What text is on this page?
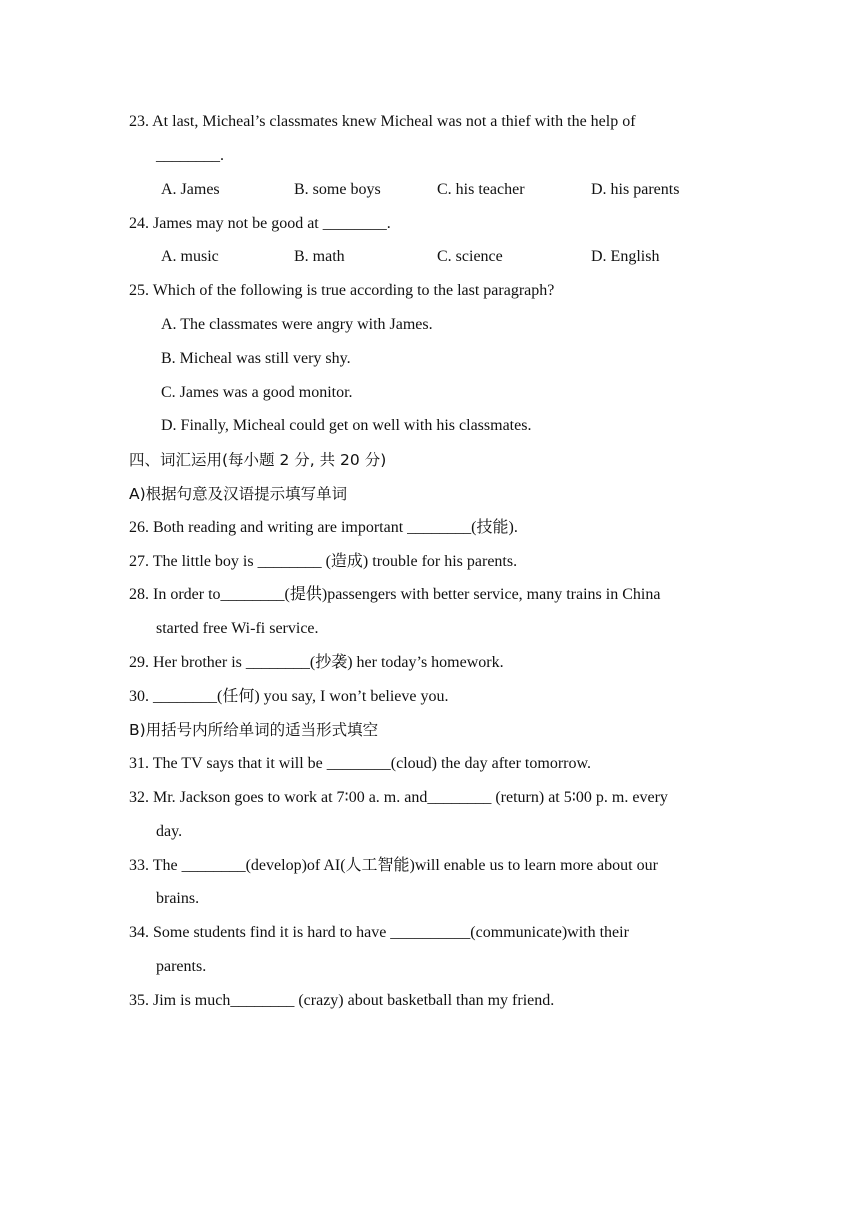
23. At last, Micheal’s classmates knew Micheal was not a thief with the help of
________.
A. James	B. some boys	C. his teacher	D. his parents
24. James may not be good at ________.
A. music	B. math	C. science	D. English
25. Which of the following is true according to the last paragraph?
A. The classmates were angry with James.
B. Micheal was still very shy.
C. James was a good monitor.
D. Finally, Micheal could get on well with his classmates.
四、词汇运用(每小题 2 分, 共 20 分)
A)根据句意及汉语提示填写单词
26. Both reading and writing are important ________(技能).
27. The little boy is ________ (造成) trouble for his parents.
28. In order to________(提供)passengers with better service, many trains in China
started free Wi-fi service.
29. Her brother is ________(抄袭) her today’s homework.
30. ________(任何) you say, I won’t believe you.
B)用括号内所给单词的适当形式填空
31. The TV says that it will be ________(cloud) the day after tomorrow.
32. Mr. Jackson goes to work at 7∶00 a. m. and________ (return) at 5∶00 p. m. every
day.
33. The ________(develop)of AI(人工智能)will enable us to learn more about our
brains.
34. Some students find it is hard to have __________(communicate)with their
parents.
35. Jim is much________ (crazy) about basketball than my friend.
